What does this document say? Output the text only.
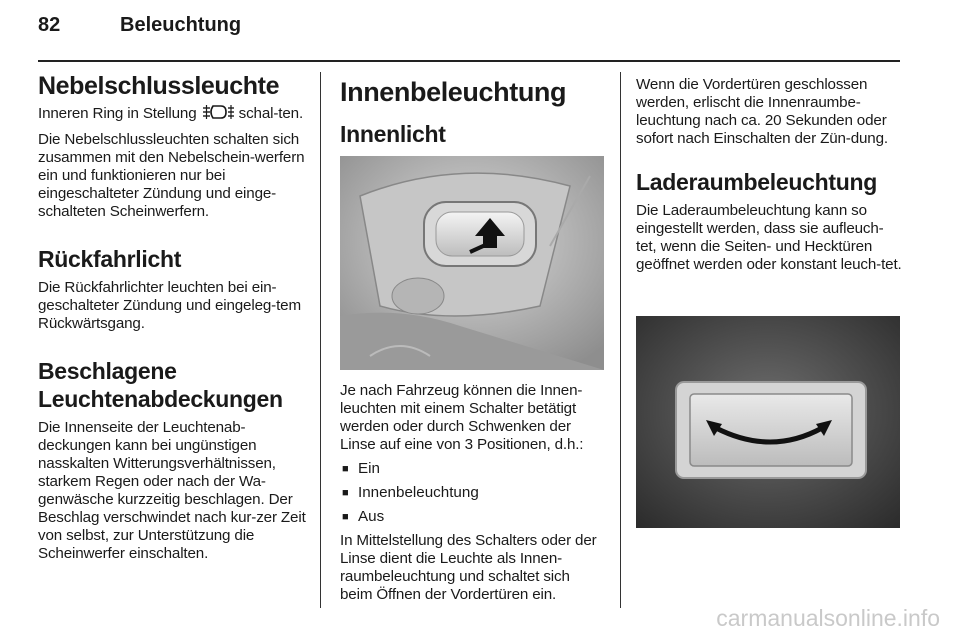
82	Beleuchtung
Nebelschlussleuchte

Inneren Ring in Stellung	schal-ten.

Die Nebelschlussleuchten schalten sich zusammen mit den Nebelschein-werfern ein und funktionieren nur bei eingeschalteter Zündung und einge-schalteten Scheinwerfern.

Rückfahrlicht

Die Rückfahrlichter leuchten bei ein-geschalteter Zündung und eingeleg-tem Rückwärtsgang.

Beschlagene
Leuchtenabdeckungen

Die Innenseite der Leuchtenab-deckungen kann bei ungünstigen nasskalten Witterungsverhältnissen, starkem Regen oder nach der Wa-genwäsche kurzzeitig beschlagen. Der Beschlag verschwindet nach kur-zer Zeit von selbst, zur Unterstützung die Scheinwerfer einschalten.

Innenbeleuchtung
Innenlicht

Je nach Fahrzeug können die Innen-leuchten mit einem Schalter betätigt werden oder durch Schwenken der Linse auf eine von 3 Positionen, d.h.:

■ Ein
■ Innenbeleuchtung
■ Aus

In Mittelstellung des Schalters oder der Linse dient die Leuchte als Innen-raumbeleuchtung und schaltet sich beim Öffnen der Vordertüren ein.

Wenn die Vordertüren geschlossen werden, erlischt die Innenraumbe-leuchtung nach ca. 20 Sekunden oder sofort nach Einschalten der Zün-dung.

Laderaumbeleuchtung

Die Laderaumbeleuchtung kann so eingestellt werden, dass sie aufleuch-tet, wenn die Seiten- und Hecktüren geöffnet werden oder konstant leuch-tet.

carmanualsonline.info
